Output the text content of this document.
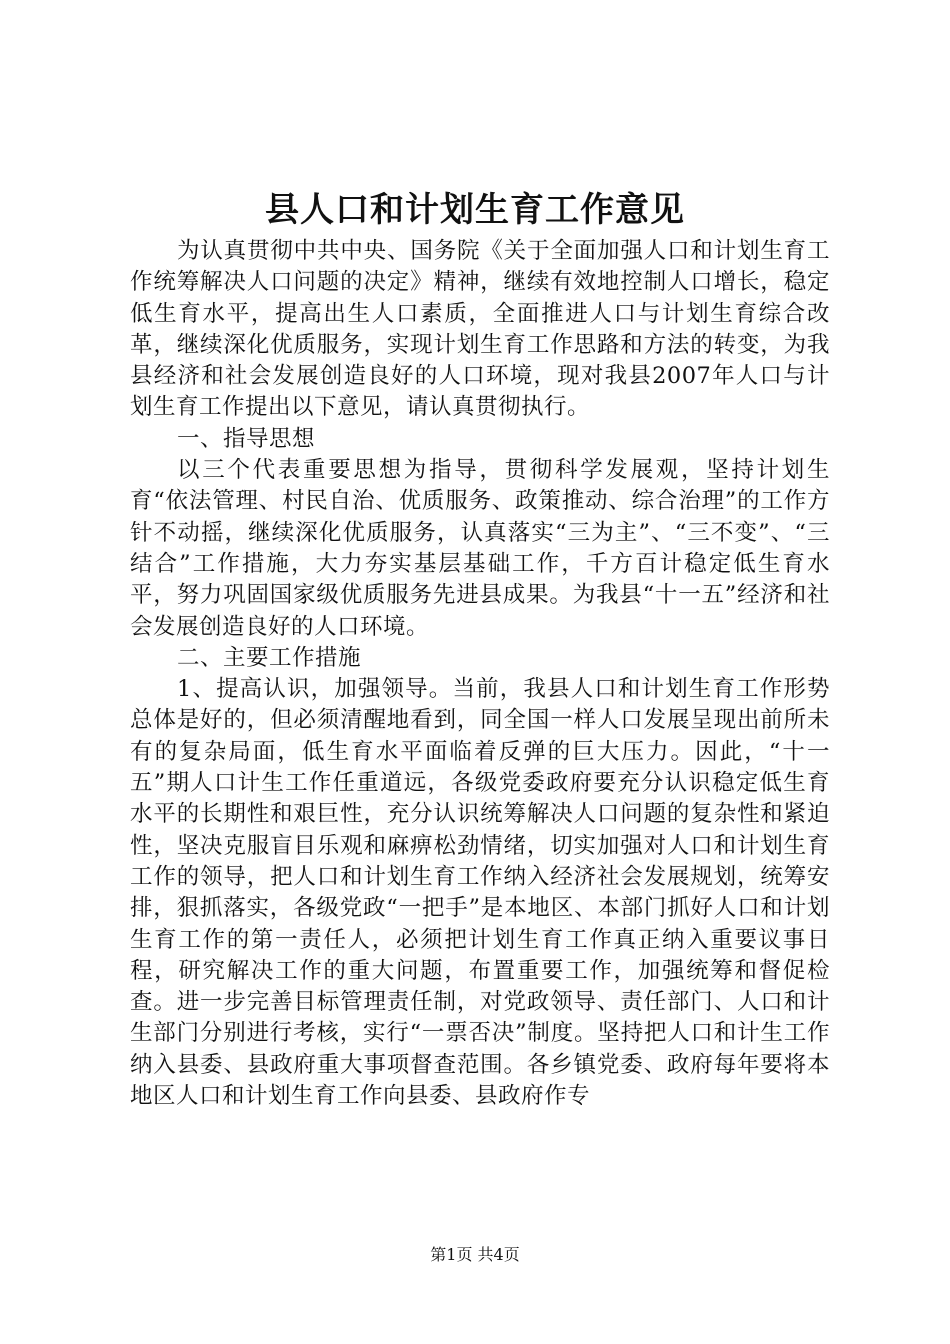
县人口和计划生育工作意见

为认真贯彻中共中央、国务院《关于全面加强人口和计划生育工作统筹解决人口问题的决定》精神，继续有效地控制人口增长，稳定低生育水平，提高出生人口素质，全面推进人口与计划生育综合改革，继续深化优质服务，实现计划生育工作思路和方法的转变，为我县经济和社会发展创造良好的人口环境，现对我县2007年人口与计划生育工作提出以下意见，请认真贯彻执行。

一、指导思想

以三个代表重要思想为指导，贯彻科学发展观，坚持计划生育“依法管理、村民自治、优质服务、政策推动、综合治理”的工作方针不动摇，继续深化优质服务，认真落实“三为主”、“三不变”、“三结合”工作措施，大力夯实基层基础工作，千方百计稳定低生育水平，努力巩固国家级优质服务先进县成果。为我县“十一五”经济和社会发展创造良好的人口环境。

二、主要工作措施

1、提高认识，加强领导。当前，我县人口和计划生育工作形势总体是好的，但必须清醒地看到，同全国一样人口发展呈现出前所未有的复杂局面，低生育水平面临着反弹的巨大压力。因此，“十一五”期人口计生工作任重道远，各级党委政府要充分认识稳定低生育水平的长期性和艰巨性，充分认识统筹解决人口问题的复杂性和紧迫性，坚决克服盲目乐观和麻痹松劲情绪，切实加强对人口和计划生育工作的领导，把人口和计划生育工作纳入经济社会发展规划，统筹安排，狠抓落实，各级党政“一把手”是本地区、本部门抓好人口和计划生育工作的第一责任人，必须把计划生育工作真正纳入重要议事日程，研究解决工作的重大问题，布置重要工作，加强统筹和督促检查。进一步完善目标管理责任制，对党政领导、责任部门、人口和计生部门分别进行考核，实行“一票否决”制度。坚持把人口和计生工作纳入县委、县政府重大事项督查范围。各乡镇党委、政府每年要将本地区人口和计划生育工作向县委、县政府作专

第1页 共4页
